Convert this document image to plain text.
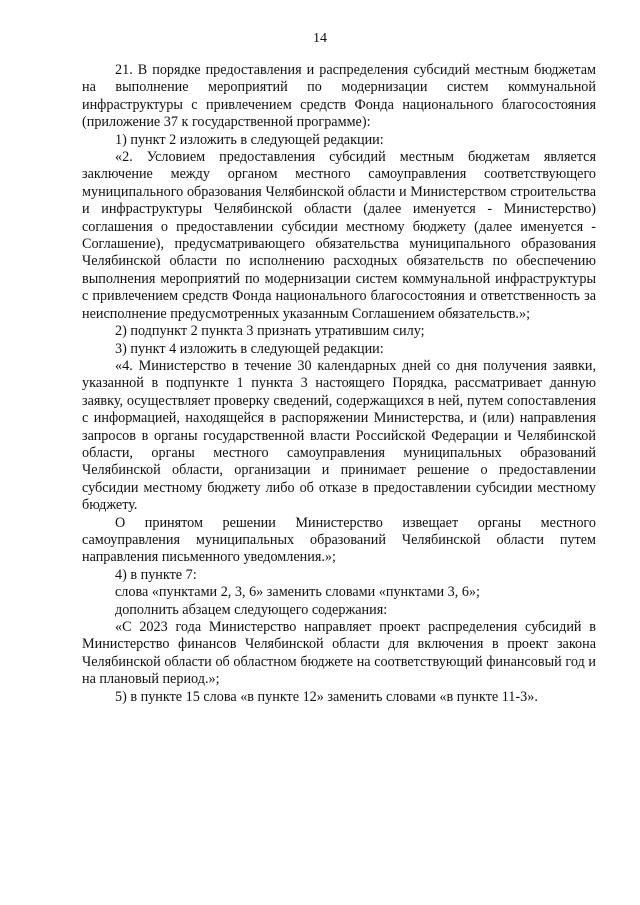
14

21. В порядке предоставления и распределения субсидий местным бюджетам на выполнение мероприятий по модернизации систем коммунальной инфраструктуры с привлечением средств Фонда национального благосостояния (приложение 37 к государственной программе):

1) пункт 2 изложить в следующей редакции:

«2. Условием предоставления субсидий местным бюджетам является заключение между органом местного самоуправления соответствующего муниципального образования Челябинской области и Министерством строительства и инфраструктуры Челябинской области (далее именуется - Министерство) соглашения о предоставлении субсидии местному бюджету (далее именуется - Соглашение), предусматривающего обязательства муниципального образования Челябинской области по исполнению расходных обязательств по обеспечению выполнения мероприятий по модернизации систем коммунальной инфраструктуры с привлечением средств Фонда национального благосостояния и ответственность за неисполнение предусмотренных указанным Соглашением обязательств.»;

2) подпункт 2 пункта 3 признать утратившим силу;

3) пункт 4 изложить в следующей редакции:

«4. Министерство в течение 30 календарных дней со дня получения заявки, указанной в подпункте 1 пункта 3 настоящего Порядка, рассматривает данную заявку, осуществляет проверку сведений, содержащихся в ней, путем сопоставления с информацией, находящейся в распоряжении Министерства, и (или) направления запросов в органы государственной власти Российской Федерации и Челябинской области, органы местного самоуправления муниципальных образований Челябинской области, организации и принимает решение о предоставлении субсидии местному бюджету либо об отказе в предоставлении субсидии местному бюджету.

О принятом решении Министерство извещает органы местного самоуправления муниципальных образований Челябинской области путем направления письменного уведомления.»;

4) в пункте 7:

слова «пунктами 2, 3, 6» заменить словами «пунктами 3, 6»;

дополнить абзацем следующего содержания:

«С 2023 года Министерство направляет проект распределения субсидий в Министерство финансов Челябинской области для включения в проект закона Челябинской области об областном бюджете на соответствующий финансовый год и на плановый период.»;

5) в пункте 15 слова «в пункте 12» заменить словами «в пункте 11-3».
